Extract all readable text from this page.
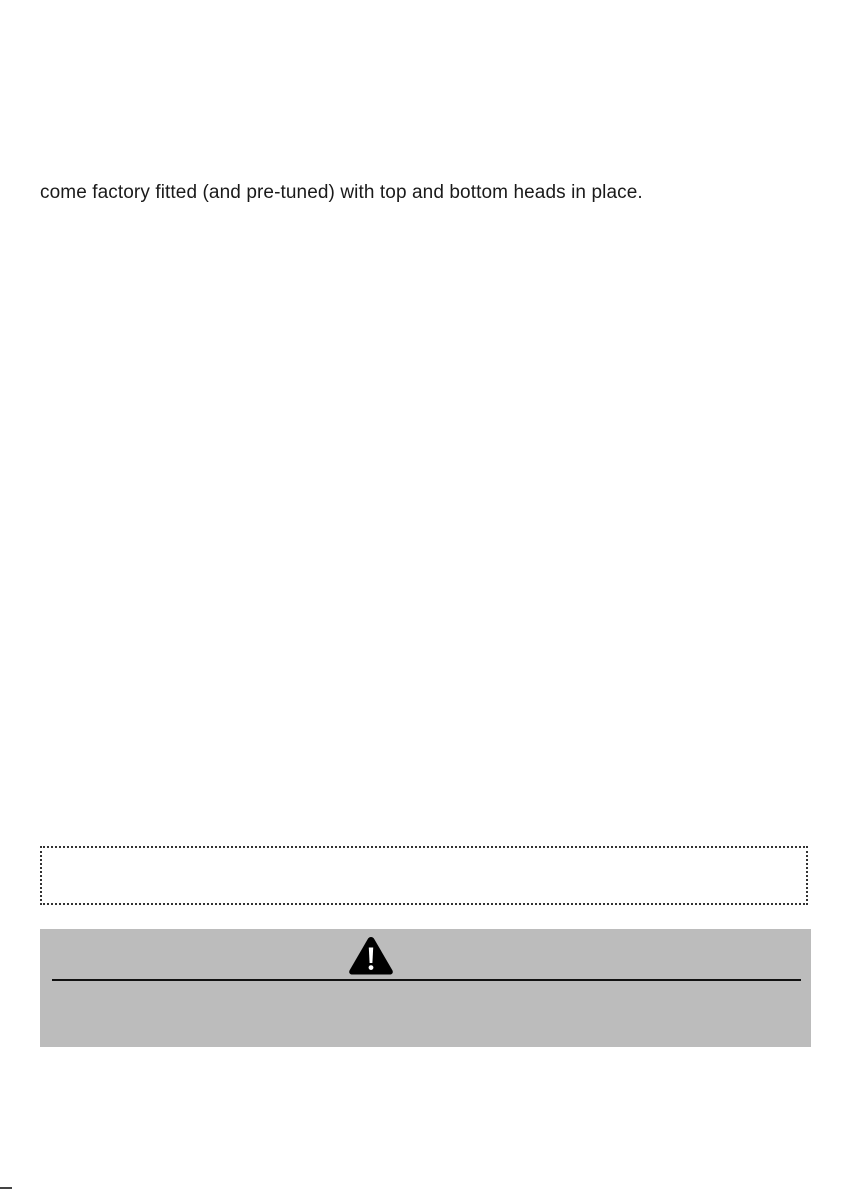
come factory fitted (and pre-tuned) with top and bottom heads in place.
